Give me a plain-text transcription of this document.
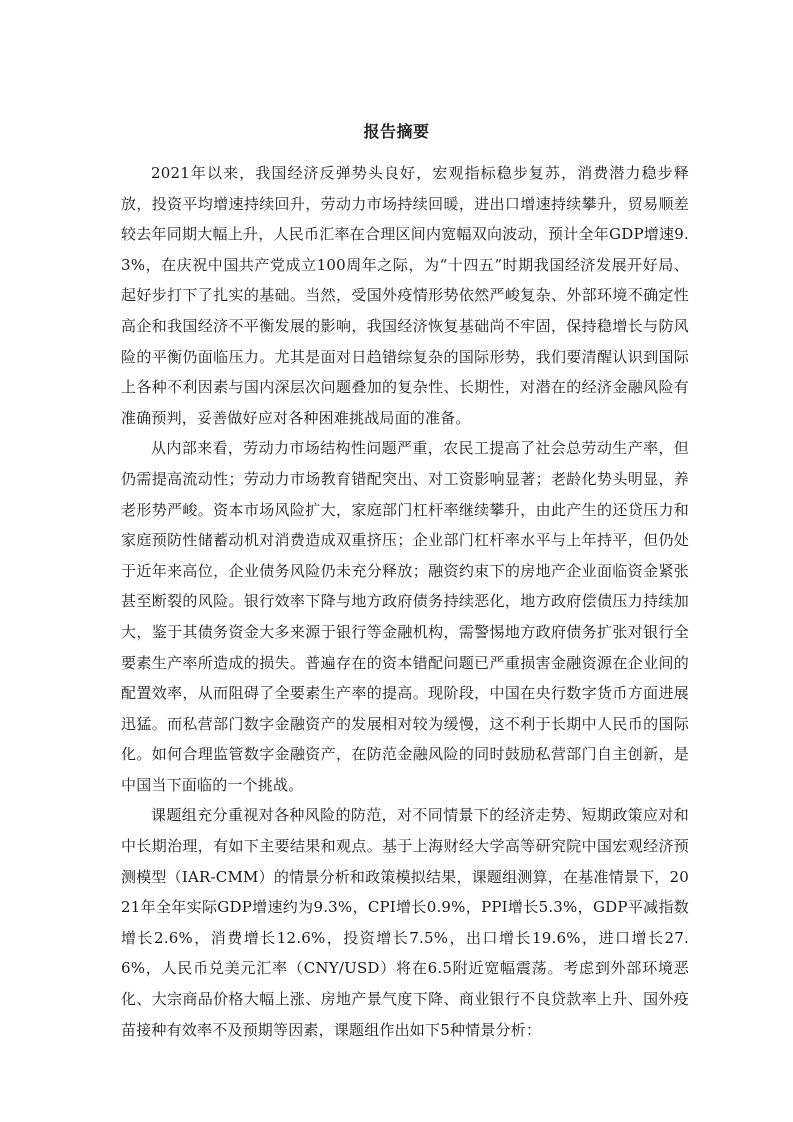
报告摘要

2021年以来，我国经济反弹势头良好，宏观指标稳步复苏，消费潜力稳步释放，投资平均增速持续回升，劳动力市场持续回暖，进出口增速持续攀升，贸易顺差较去年同期大幅上升，人民币汇率在合理区间内宽幅双向波动，预计全年GDP增速9.3%，在庆祝中国共产党成立100周年之际，为“十四五”时期我国经济发展开好局、起好步打下了扎实的基础。当然，受国外疫情形势依然严峻复杂、外部环境不确定性高企和我国经济不平衡发展的影响，我国经济恢复基础尚不牢固，保持稳增长与防风险的平衡仍面临压力。尤其是面对日趋错综复杂的国际形势，我们要清醒认识到国际上各种不利因素与国内深层次问题叠加的复杂性、长期性，对潜在的经济金融风险有准确预判，妥善做好应对各种困难挑战局面的准备。

从内部来看，劳动力市场结构性问题严重，农民工提高了社会总劳动生产率，但仍需提高流动性；劳动力市场教育错配突出、对工资影响显著；老龄化势头明显，养老形势严峻。资本市场风险扩大，家庭部门杠杆率继续攀升，由此产生的还贷压力和家庭预防性储蓄动机对消费造成双重挤压；企业部门杠杆率水平与上年持平，但仍处于近年来高位，企业债务风险仍未充分释放；融资约束下的房地产企业面临资金紧张甚至断裂的风险。银行效率下降与地方政府债务持续恶化，地方政府偿债压力持续加大，鉴于其债务资金大多来源于银行等金融机构，需警惕地方政府债务扩张对银行全要素生产率所造成的损失。普遍存在的资本错配问题已严重损害金融资源在企业间的配置效率，从而阻碍了全要素生产率的提高。现阶段，中国在央行数字货币方面进展迅猛。而私营部门数字金融资产的发展相对较为缓慢，这不利于长期中人民币的国际化。如何合理监管数字金融资产，在防范金融风险的同时鼓励私营部门自主创新，是中国当下面临的一个挑战。

课题组充分重视对各种风险的防范，对不同情景下的经济走势、短期政策应对和中长期治理，有如下主要结果和观点。基于上海财经大学高等研究院中国宏观经济预测模型（IAR-CMM）的情景分析和政策模拟结果，课题组测算，在基准情景下，2021年全年实际GDP增速约为9.3%，CPI增长0.9%，PPI增长5.3%，GDP平减指数增长2.6%，消费增长12.6%，投资增长7.5%，出口增长19.6%，进口增长27.6%，人民币兑美元汇率（CNY/USD）将在6.5附近宽幅震荡。考虑到外部环境恶化、大宗商品价格大幅上涨、房地产景气度下降、商业银行不良贷款率上升、国外疫苗接种有效率不及预期等因素，课题组作出如下5种情景分析：
